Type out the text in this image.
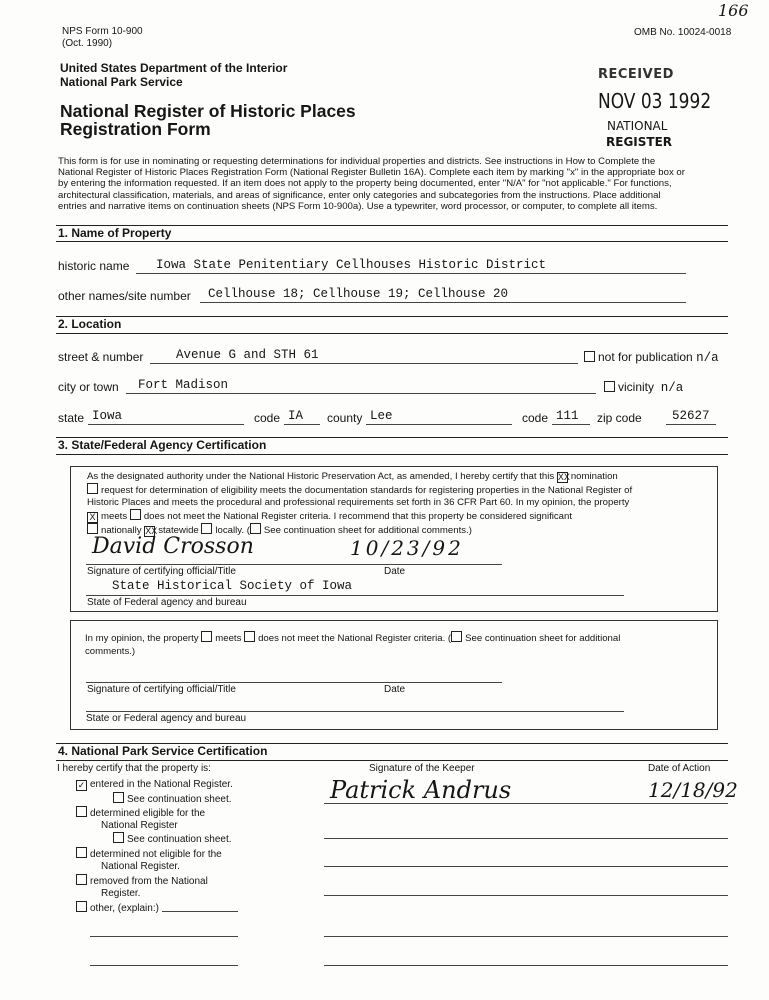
NPS Form 10-900
(Oct. 1990)
OMB No. 10024-0018
166
United States Department of the Interior
National Park Service
National Register of Historic Places
Registration Form
RECEIVED
NOV 03 1992
NATIONAL
REGISTER
This form is for use in nominating or requesting determinations for individual properties and districts. See instructions in How to Complete the
National Register of Historic Places Registration Form (National Register Bulletin 16A). Complete each item by marking "x" in the appropriate box or
by entering the information requested. If an item does not apply to the property being documented, enter "N/A" for "not applicable." For functions,
architectural classification, materials, and areas of significance, enter only categories and subcategories from the instructions. Place additional
entries and narrative items on continuation sheets (NPS Form 10-900a). Use a typewriter, word processor, or computer, to complete all items.
1. Name of Property
historic name Iowa State Penitentiary Cellhouses Historic District
other names/site number Cellhouse 18; Cellhouse 19; Cellhouse 20
2. Location
street & number	Avenue G and STH 61	not for publication n/a
city or town Fort Madison	vicinity n/a
state Iowa	code IA county Lee	code 111 zip code 52627
3. State/Federal Agency Certification
As the designated authority under the National Historic Preservation Act, as amended, I hereby certify that this XXnomination
request for determination of eligibility meets the documentation standards for registering properties in the National Register of
Historic Places and meets the procedural and professional requirements set forth in 36 CFR Part 60. In my opinion, the property
X meets does not meet the National Register criteria. I recommend that this property be considered significant
nationally XXstatewide locally. ( See continuation sheet for additional comments.)
David Crosson	10/23/92
Signature of certifying official/Title	Date
State Historical Society of Iowa
State of Federal agency and bureau
In my opinion, the property meets does not meet the National Register criteria. ( See continuation sheet for additional
comments.)
Signature of certifying official/Title	Date
State or Federal agency and bureau
4. National Park Service Certification
I hereby certify that the property is:	Signature of the Keeper	Date of Action
Patrick Andrus	12/18/92
✓ entered in the National Register.
See continuation sheet.
determined eligible for the
National Register
See continuation sheet.
determined not eligible for the
National Register.
removed from the National
Register.
other, (explain:)
